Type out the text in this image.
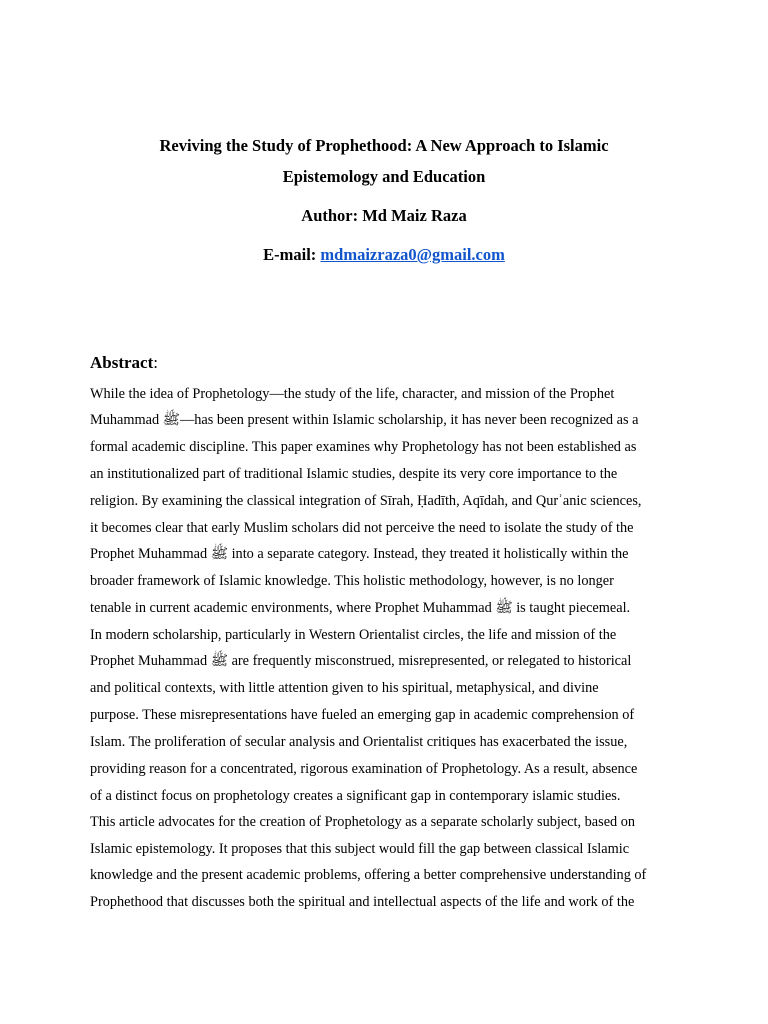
Reviving the Study of Prophethood: A New Approach to Islamic
Epistemology and Education
Author: Md Maiz Raza
E-mail: mdmaizraza0@gmail.com
Abstract:
While the idea of Prophetology—the study of the life, character, and mission of the Prophet
Muhammad ﷺ—has been present within Islamic scholarship, it has never been recognized as a
formal academic discipline. This paper examines why Prophetology has not been established as
an institutionalized part of traditional Islamic studies, despite its very core importance to the
religion. By examining the classical integration of Sīrah, Ḥadīth, Aqīdah, and Qurʾanic sciences,
it becomes clear that early Muslim scholars did not perceive the need to isolate the study of the
Prophet Muhammad ﷺ into a separate category. Instead, they treated it holistically within the
broader framework of Islamic knowledge. This holistic methodology, however, is no longer
tenable in current academic environments, where Prophet Muhammad ﷺ is taught piecemeal.
In modern scholarship, particularly in Western Orientalist circles, the life and mission of the
Prophet Muhammad ﷺ are frequently misconstrued, misrepresented, or relegated to historical
and political contexts, with little attention given to his spiritual, metaphysical, and divine
purpose. These misrepresentations have fueled an emerging gap in academic comprehension of
Islam. The proliferation of secular analysis and Orientalist critiques has exacerbated the issue,
providing reason for a concentrated, rigorous examination of Prophetology. As a result, absence
of a distinct focus on prophetology creates a significant gap in contemporary islamic studies.
This article advocates for the creation of Prophetology as a separate scholarly subject, based on
Islamic epistemology. It proposes that this subject would fill the gap between classical Islamic
knowledge and the present academic problems, offering a better comprehensive understanding of
Prophethood that discusses both the spiritual and intellectual aspects of the life and work of the
